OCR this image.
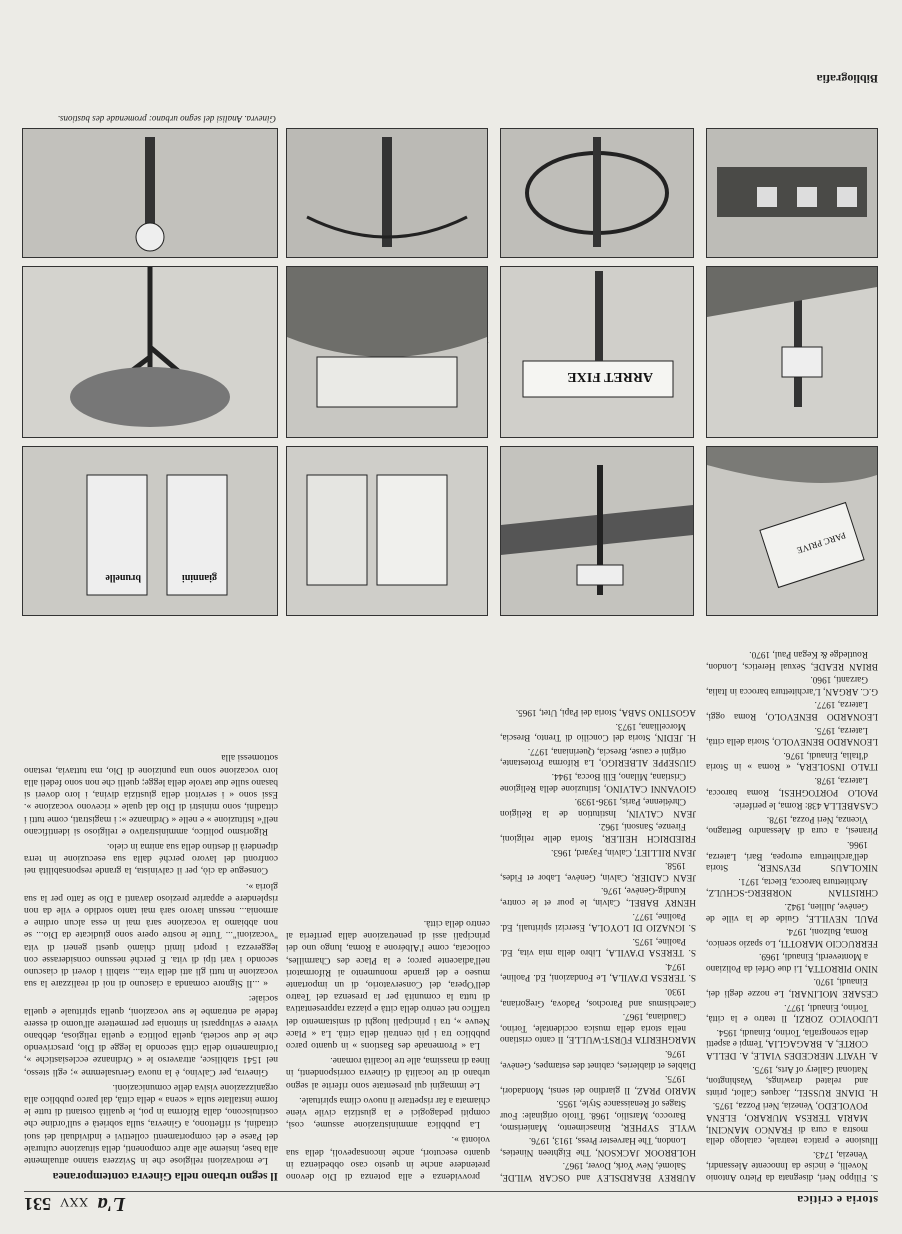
storia e critica
L'a XXV 531
S. Filippo Neri, disegnata da Pietro Antonio Novelli, e incise da Innocente Alessandri, Venezia, 1743.
Illusione e pratica teatrale, catalogo della mostra a cura di FRANCO MANCINI, MARIA TERESA MURARO, ELENA POVOLEDO, Venezia, Neri Pozza, 1975.
H. DIANE RUSSEL, Jacques Callot, prints and related drawings, Washington, National Gallery of Arts, 1975.
A. HYATT MERCEDES VIALE, A. DELLA CORTE, A. BRAGAGLIA, Tempi e aspetti della scenografia, Torino, Einaudi, 1954.
LUDOVICO ZORZI, Il teatro e la città, Torino, Einaudi, 1977.
CESARE MOLINARI, Le nozze degli dei, Einaudi, 1970.
NINO PIRROTTA, Li due Orfei da Poliziano a Monteverdi, Einaudi, 1969.
FERRUCCIO MAROTTI, Lo spazio scenico, Roma, Bulzoni, 1974.
PAUL NEVILLE, Guide de la ville de Genève, Jullien, 1942.
CHRISTIAN NORBERG-SCHULZ, Architettura barocca, Electa, 1971.
NIKOLAUS PEVSNER, Storia dell'architettura europea, Bari, Laterza, 1966.
Piranesi, a cura di Alessandro Bettagno, Vicenza, Neri Pozza, 1978.
CASABELLA 438: Roma, le periferie.
PAOLO PORTOGHESI, Roma barocca, Laterza, 1978.
ITALO INSOLERA, « Roma » in Storia d'Italia, Einaudi, 1976.
LEONARDO BENEVOLO, Storia della città, Laterza, 1975.
LEONARDO BENEVOLO, Roma oggi, Laterza, 1977.
G.C. ARGAN, L'architettura barocca in Italia, Garzanti, 1960.
BRIAN READE, Sexual Heretics, London, Routledge & Kegan Paul, 1970.
AUBREY BEARDSLEY and OSCAR WILDE, Salomé, New York, Dover, 1967.
HOLBROOK JACKSON, The Eighteen Nineties, London, The Harvester Press, 1913, 1976.
WYLE SYPHER, Rinascimento, Manierismo, Barocco, Marsilio, 1968. Titolo originale: Four Stages of Renaissance Style, 1955.
MARIO PRAZ, Il giardino dei sensi, Mondadori, 1975.
Diables et diableries, cabinet des estampes, Genève, 1976.
MARGHERITA FÜRST-WULLE, Il canto cristiano nella storia della musica occidentale, Torino, Claudiana, 1967.
Catechismus and Parochos, Padova, Gregoriana, 1930.
S. TERESA D'AVILA, Le Fondazioni, Ed. Paoline, 1974.
S. TERESA D'AVILA, Libro della mia vita, Ed. Paoline, 1975.
S. IGNAZIO DI LOYOLA, Esercizi spirituali, Ed. Paoline, 1977.
HENRY BABEL, Calvin, le pour et le contre, Kundig-Genève, 1976.
JEAN CADIER, Calvin, Genève, Labor et Fides, 1958.
JEAN RILLIET, Calvin, Fayard, 1963.
FRIEDRICH HEILER, Storia delle religioni, Firenze, Sansoni, 1962.
JEAN CALVIN, Institution de la Religion Chrétienne, Paris, 1936-1939.
GIOVANNI CALVINO, Istituzione della Religione Cristiana, Milano, Elli Bocca, 1944.
GIUSEPPE ALBERIGO, La Riforma Protestante, origini e cause, Brescia, Queriniana, 1977.
H. JEDIN, Storia del Concilio di Trento, Brescia, Morcelliana, 1973.
AGOSTINO SABA, Storia dei Papi, Utet, 1965.

provvidenza e alla potenza di Dio devono pretendere anche in questo caso obbedienza in quanto esecutori, anche inconsapevoli, della sua volontà ».

La pubblica amministrazione assume, così, compiti pedagogici e la giustizia civile viene chiamata a far rispettare il nuovo clima spirituale.

Le immagini qui presentate sono riferite al segno urbano di tre località di Ginevra corrispondenti, in linea di massima, alle tre località romane.

La « Promenade des Bastions » in quanto parco pubblico tra i più centrali della città. La « Place Neuve », tra i principali luoghi di smistamento del traffico nel centro della città e piazza rappresentativa di tutta la comunità per la presenza del Teatro dell'Opera, del Conservatorio, di un importante museo e del grande monumento ai Riformatori nell'adiacente parco; e la Place des Charmilles, collocata, come l'Albérone a Roma, lungo uno dei principali assi di penetrazione dalla periferia al centro della città.

Il segno urbano nella Ginevra contemporanea

Le motivazioni religiose che in Svizzera stanno attualmente alla base, insieme alle altre componenti, della situazione culturale del Paese e dei comportamenti collettivi e individuali dei suoi cittadini, si riflettono, a Ginevra, sulla sobrietà e sull'ordine che costituiscono, dalla Riforma in poi, le qualità costanti di tutte le forme installate sulla « scena » della città, dal parco pubblico alla organizzazione visiva delle comunicazioni.

Ginevra, per Calvino, è la nuova Gerusalemme »; egli stesso, nel 1541 stabilisce, attraverso le « Ordinanze ecclesiastiche », l'ordinamento della città secondo la legge di Dio, prescrivendo che le due società, quella politica e quella religiosa, debbano vivere e svilupparsi in sintonia per permettere all'uomo di essere fedele ad entrambe le sue vocazioni, quella spirituale e quella sociale:

« ...Il Signore comanda a ciascuno di noi di realizzare la sua vocazione in tutti gli atti della vita... stabilì i doveri di ciascuno secondo i vari tipi di vita. E perché nessuno considerasse con leggerezza i propri limiti chiamò questi generi di vita "vocazioni"... Tutte le nostre opere sono giudicate da Dio... se non abbiamo la vocazione sarà mai in essa alcun ordine e armonia... nessun lavoro sarà mai tanto sordido e vile da non risplendere e apparire prezioso davanti a Dio se fatto per la sua gloria ».

Consegue da ciò, per il calvinista, la grande responsabilità nei confronti del lavoro perché dalla sua esecuzione in terra dipenderà il destino della sua anima in cielo.

Rigorismo politico, amministrativo e religioso si identificano nell'« Istituzione » e nelle « Ordinanze »: i magistrati, come tutti i cittadini, sono ministri di Dio dal quale « ricevono vocazione ». Essi sono « i servitori della giustizia divina, i loro doveri si basano sulle due tavole della legge; quelli che non sono fedeli alla loro vocazione sono una punizione di Dio, ma tuttavia, restano sottomessi alla

Bibliografia
PARC PRIVE
ARRET FIXE
giannini
brunelle
Ginevra. Analisi del segno urbano: promenade des bastions.
